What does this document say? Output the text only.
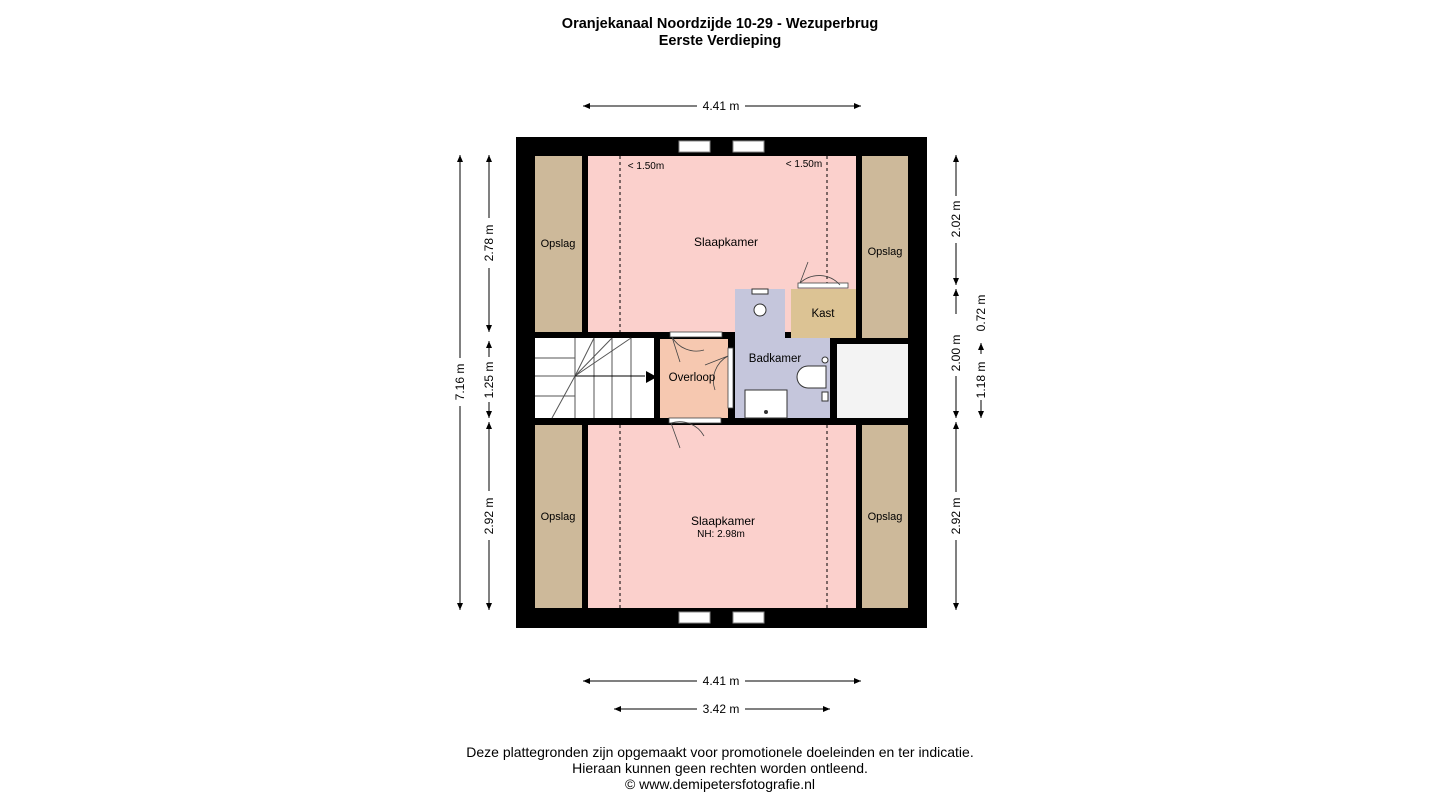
Oranjekanaal Noordzijde 10-29 - Wezuperbrug
Eerste Verdieping
Slaapkamer
Slaapkamer
NH: 2.98m
Opslag
Opslag
Opslag	Opslag
Overloop
Badkamer
Kast
< 1.50m	< 1.50m
4.41 m
4.41 m
3.42 m
7.16 m
2.78 m
1.25 m
2.92 m
2.02 m
2.00 m
2.92 m
0.72 m
1.18 m
Deze plattegronden zijn opgemaakt voor promotionele doeleinden en ter indicatie.
Hieraan kunnen geen rechten worden ontleend.
© www.demipetersfotografie.nl
